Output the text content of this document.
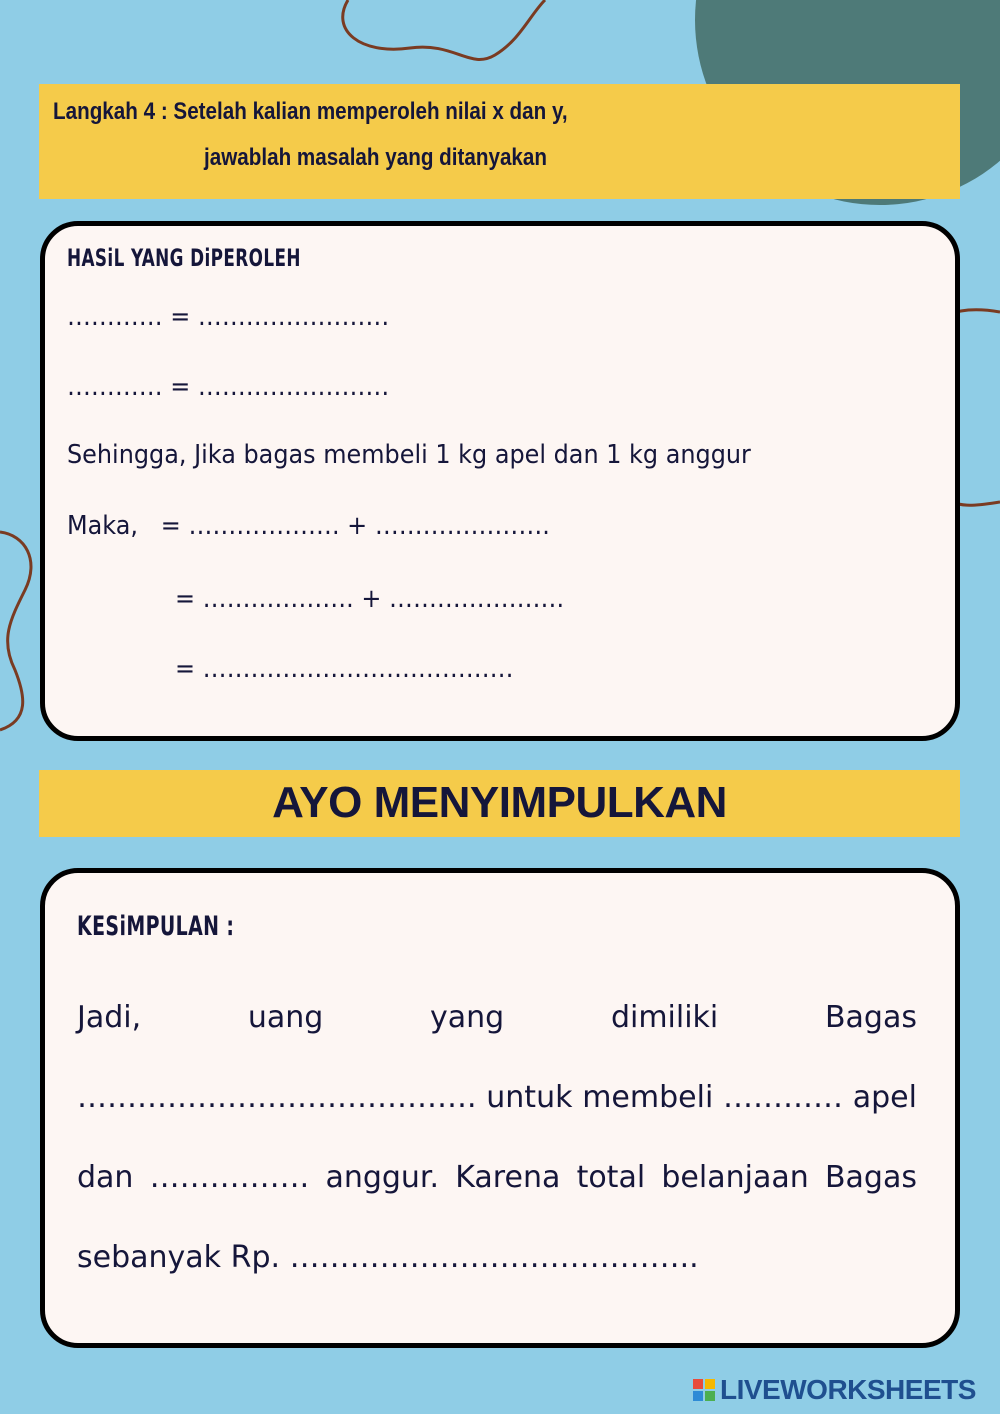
Langkah 4 : Setelah kalian memperoleh nilai x dan y,
jawablah masalah yang ditanyakan
HASiL YANG DiPEROLEH
………… = ……………………
………… = ……………………
Sehingga, Jika bagas membeli 1 kg apel dan 1 kg anggur
Maka,   = ………………. + ………………….
= ………………. + ………………….
= …………………………………
AYO MENYIMPULKAN
KESiMPULAN :
Jadi,	uang	yang	dimiliki	Bagas …………………………………. untuk membeli ………… apel dan ……………. anggur. Karena total belanjaan Bagas sebanyak Rp. …………………………………..
LIVEWORKSHEETS
